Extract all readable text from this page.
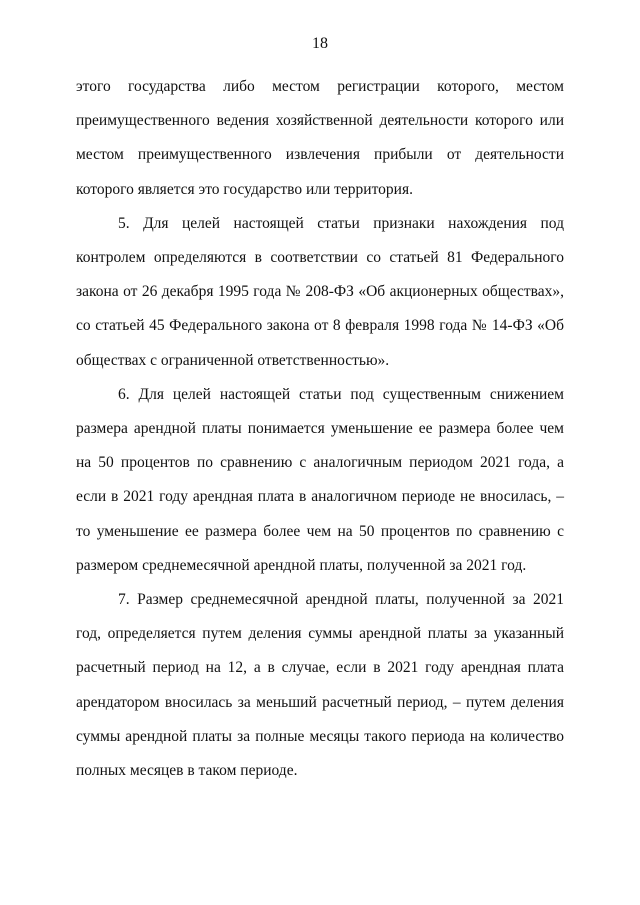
18

этого государства либо местом регистрации которого, местом преимущественного ведения хозяйственной деятельности которого или местом преимущественного извлечения прибыли от деятельности которого является это государство или территория.

5. Для целей настоящей статьи признаки нахождения под контролем определяются в соответствии со статьей 81 Федерального закона от 26 декабря 1995 года № 208-ФЗ «Об акционерных обществах», со статьей 45 Федерального закона от 8 февраля 1998 года № 14-ФЗ «Об обществах с ограниченной ответственностью».

6. Для целей настоящей статьи под существенным снижением размера арендной платы понимается уменьшение ее размера более чем на 50 процентов по сравнению с аналогичным периодом 2021 года, а если в 2021 году арендная плата в аналогичном периоде не вносилась, – то уменьшение ее размера более чем на 50 процентов по сравнению с размером среднемесячной арендной платы, полученной за 2021 год.

7. Размер среднемесячной арендной платы, полученной за 2021 год, определяется путем деления суммы арендной платы за указанный расчетный период на 12, а в случае, если в 2021 году арендная плата арендатором вносилась за меньший расчетный период, – путем деления суммы арендной платы за полные месяцы такого периода на количество полных месяцев в таком периоде.
